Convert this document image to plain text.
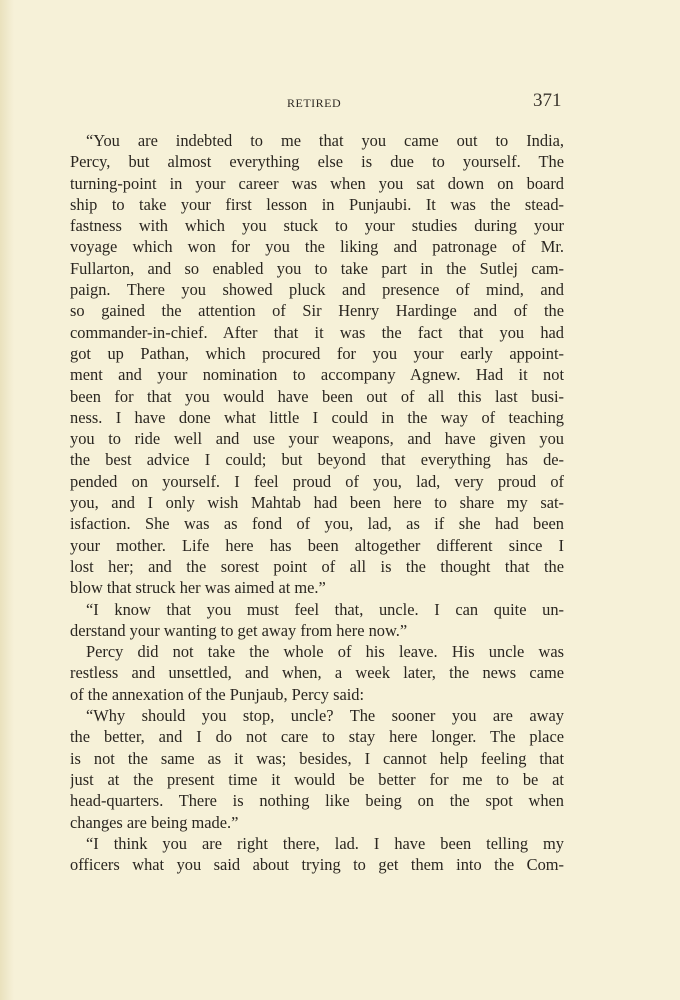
RETIRED	371
“You are indebted to me that you came out to India,
Percy, but almost everything else is due to yourself. The
turning-point in your career was when you sat down on board
ship to take your first lesson in Punjaubi. It was the stead-
fastness with which you stuck to your studies during your
voyage which won for you the liking and patronage of Mr.
Fullarton, and so enabled you to take part in the Sutlej cam-
paign. There you showed pluck and presence of mind, and
so gained the attention of Sir Henry Hardinge and of the
commander-in-chief. After that it was the fact that you had
got up Pathan, which procured for you your early appoint-
ment and your nomination to accompany Agnew. Had it not
been for that you would have been out of all this last busi-
ness. I have done what little I could in the way of teaching
you to ride well and use your weapons, and have given you
the best advice I could; but beyond that everything has de-
pended on yourself. I feel proud of you, lad, very proud of
you, and I only wish Mahtab had been here to share my sat-
isfaction. She was as fond of you, lad, as if she had been
your mother. Life here has been altogether different since I
lost her; and the sorest point of all is the thought that the
blow that struck her was aimed at me.”
“I know that you must feel that, uncle. I can quite un-
derstand your wanting to get away from here now.”
Percy did not take the whole of his leave. His uncle was
restless and unsettled, and when, a week later, the news came
of the annexation of the Punjaub, Percy said:
“Why should you stop, uncle? The sooner you are away
the better, and I do not care to stay here longer. The place
is not the same as it was; besides, I cannot help feeling that
just at the present time it would be better for me to be at
head-quarters. There is nothing like being on the spot when
changes are being made.”
“I think you are right there, lad. I have been telling my
officers what you said about trying to get them into the Com-
